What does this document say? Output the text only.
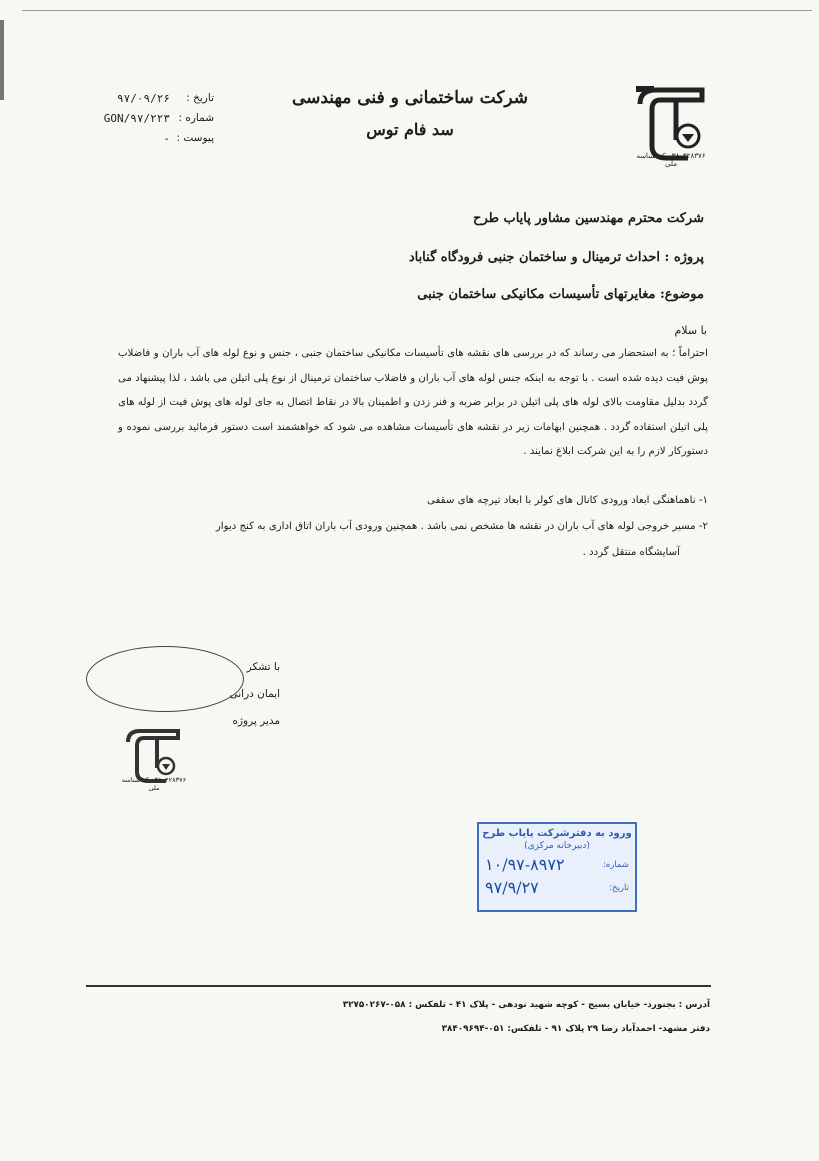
تاریخ :
۹۷/۰۹/۲۶
شماره :
GON/۹۷/۲۲۳
پیوست :
-
شرکت ساختمانی و فنی مهندسی
سد فام توس
۰۳۸۰۴۲۸۳۷۶-کد شناسه ملی
شرکت محترم مهندسین مشاور پایاب طرح
پروژه : احداث ترمینال و ساختمان جنبی فرودگاه گناباد
موضوع: مغایرتهای تأسیسات مکانیکی ساختمان جنبی
با سلام

احتراماً ؛ به استحضار می رساند که در بررسی های نقشه های تأسیسات مکانیکی ساختمان جنبی ، جنس و نوع لوله های آب باران و فاضلاب پوش فیت دیده شده است . با توجه به اینکه جنس لوله های آب باران و فاضلاب ساختمان ترمینال از نوع پلی اتیلن می باشد ، لذا پیشنهاد می گردد بدلیل مقاومت بالای لوله های پلی اتیلن در برابر ضربه و فنر زدن و اطمینان بالا در نقاط اتصال به جای لوله های پوش فیت از لوله های پلی اتیلن استفاده گردد . همچنین ابهامات زیر در نقشه های تأسیسات مشاهده می شود که خواهشمند است دستور فرمائید بررسی نموده و دستورکار لازم را به این شرکت ابلاغ نمایند .

۱- ناهماهنگی ابعاد ورودی کانال های کولر با ابعاد تیرچه های سقفی
۲- مسیر خروجی لوله های آب باران در نقشه ها مشخص نمی باشد . همچنین ورودی آب باران اتاق اداری به کنج دیوار
آسایشگاه منتقل گردد .
با تشکر
ایمان درانی
مدیر پروژه
۰۳۸۰۴۲۸۳۷۶-کد شناسه ملی
ورود به دفترشرکت پایاب طرح
(دبیرخانه مرکزی)
شماره:
۱۰/۹۷-۸۹۷۲
تاریخ:
۹۷/۹/۲۷
آدرس : بجنورد- خیابان بسیج - کوچه شهید نودهی - پلاک ۴۱ - تلفکس : ۰۵۸-۳۲۷۵۰۲۶۷
دفتر مشهد- احمدآباد رضا ۲۹ پلاک ۹۱ - تلفکس: ۰۵۱-۳۸۴۰۹۶۹۴
